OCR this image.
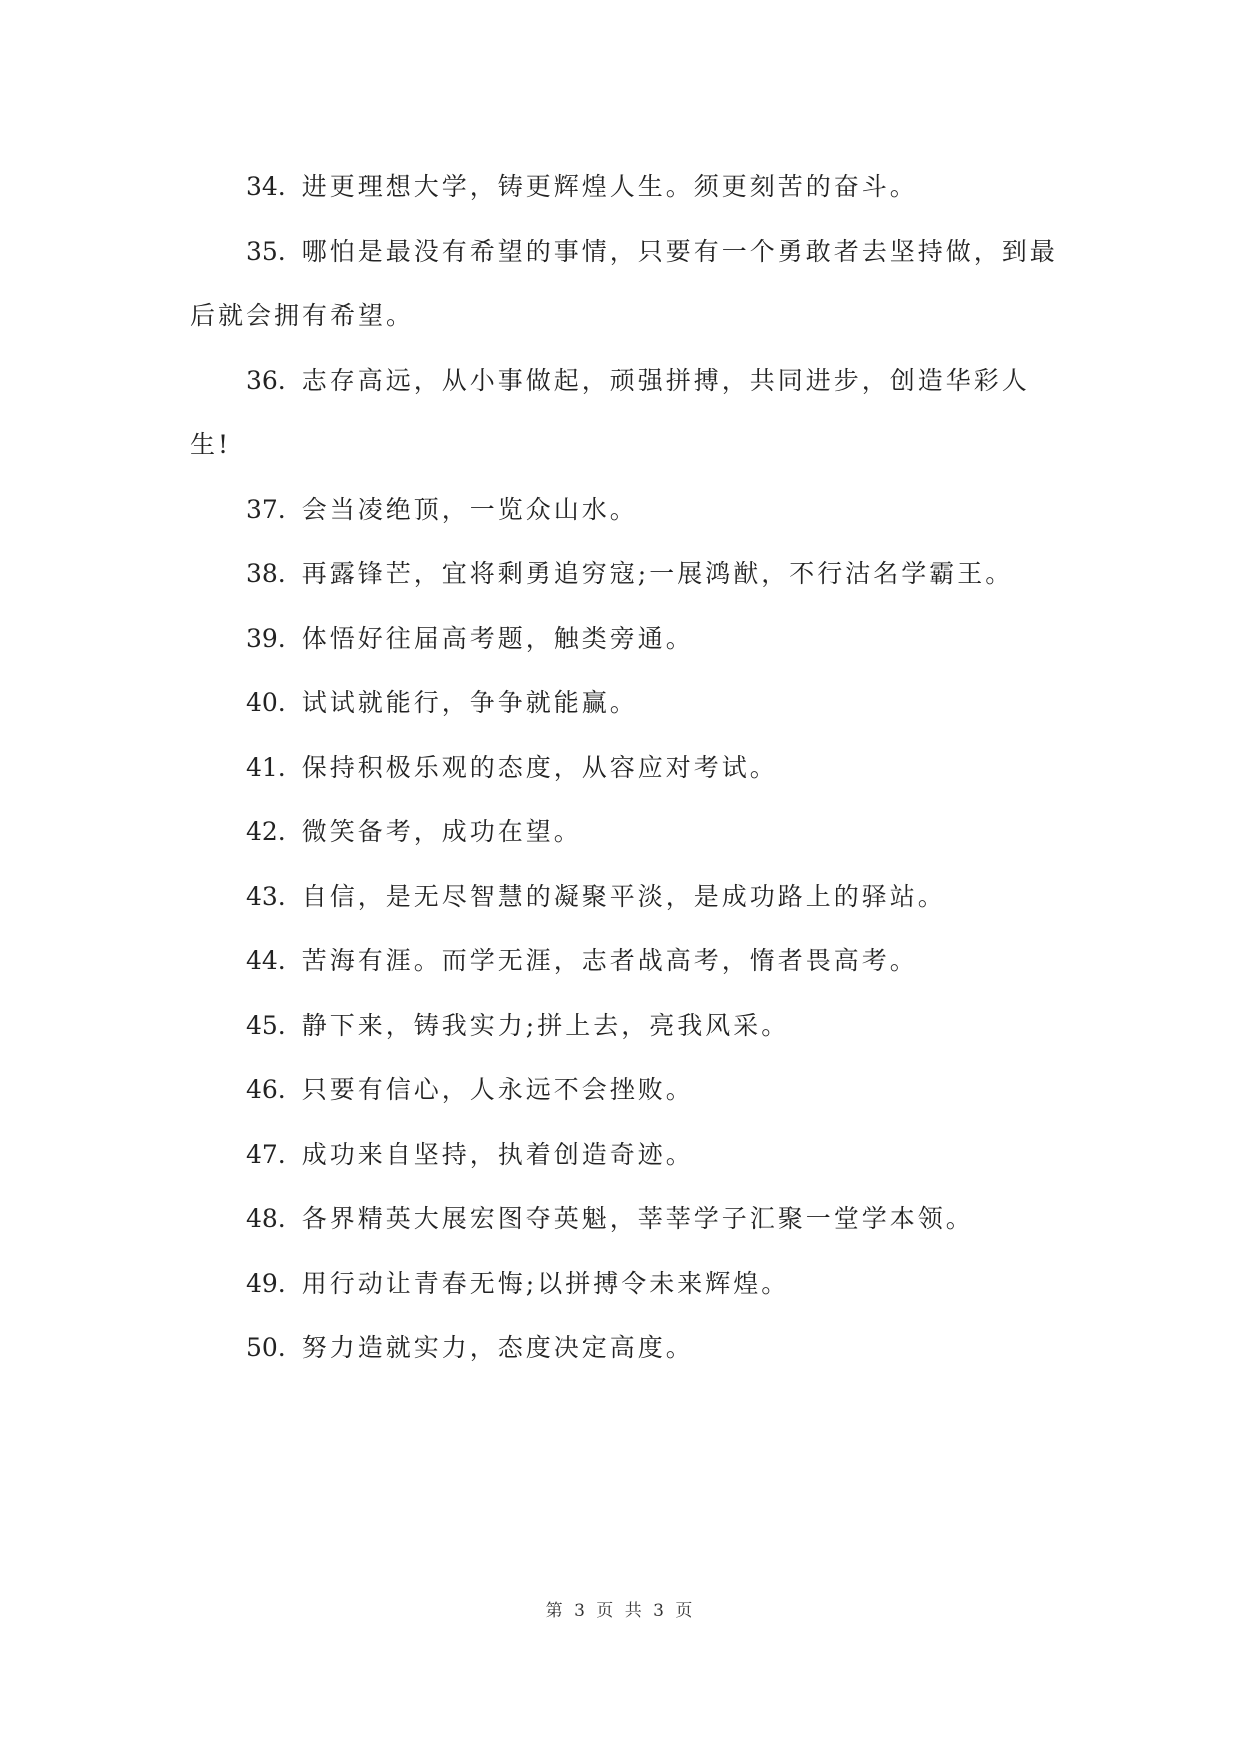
34. 进更理想大学，铸更辉煌人生。须更刻苦的奋斗。

35. 哪怕是最没有希望的事情，只要有一个勇敢者去坚持做，到最后就会拥有希望。

36. 志存高远，从小事做起，顽强拼搏，共同进步，创造华彩人生!

37. 会当凌绝顶，一览众山水。

38. 再露锋芒，宜将剩勇追穷寇;一展鸿猷，不行沽名学霸王。

39. 体悟好往届高考题，触类旁通。

40. 试试就能行，争争就能赢。

41. 保持积极乐观的态度，从容应对考试。

42. 微笑备考，成功在望。

43. 自信，是无尽智慧的凝聚平淡，是成功路上的驿站。

44. 苦海有涯。而学无涯，志者战高考，惰者畏高考。

45. 静下来，铸我实力;拼上去，亮我风采。

46. 只要有信心，人永远不会挫败。

47. 成功来自坚持，执着创造奇迹。

48. 各界精英大展宏图夺英魁，莘莘学子汇聚一堂学本领。

49. 用行动让青春无悔;以拼搏令未来辉煌。

50. 努力造就实力，态度决定高度。

第 3 页 共 3 页
